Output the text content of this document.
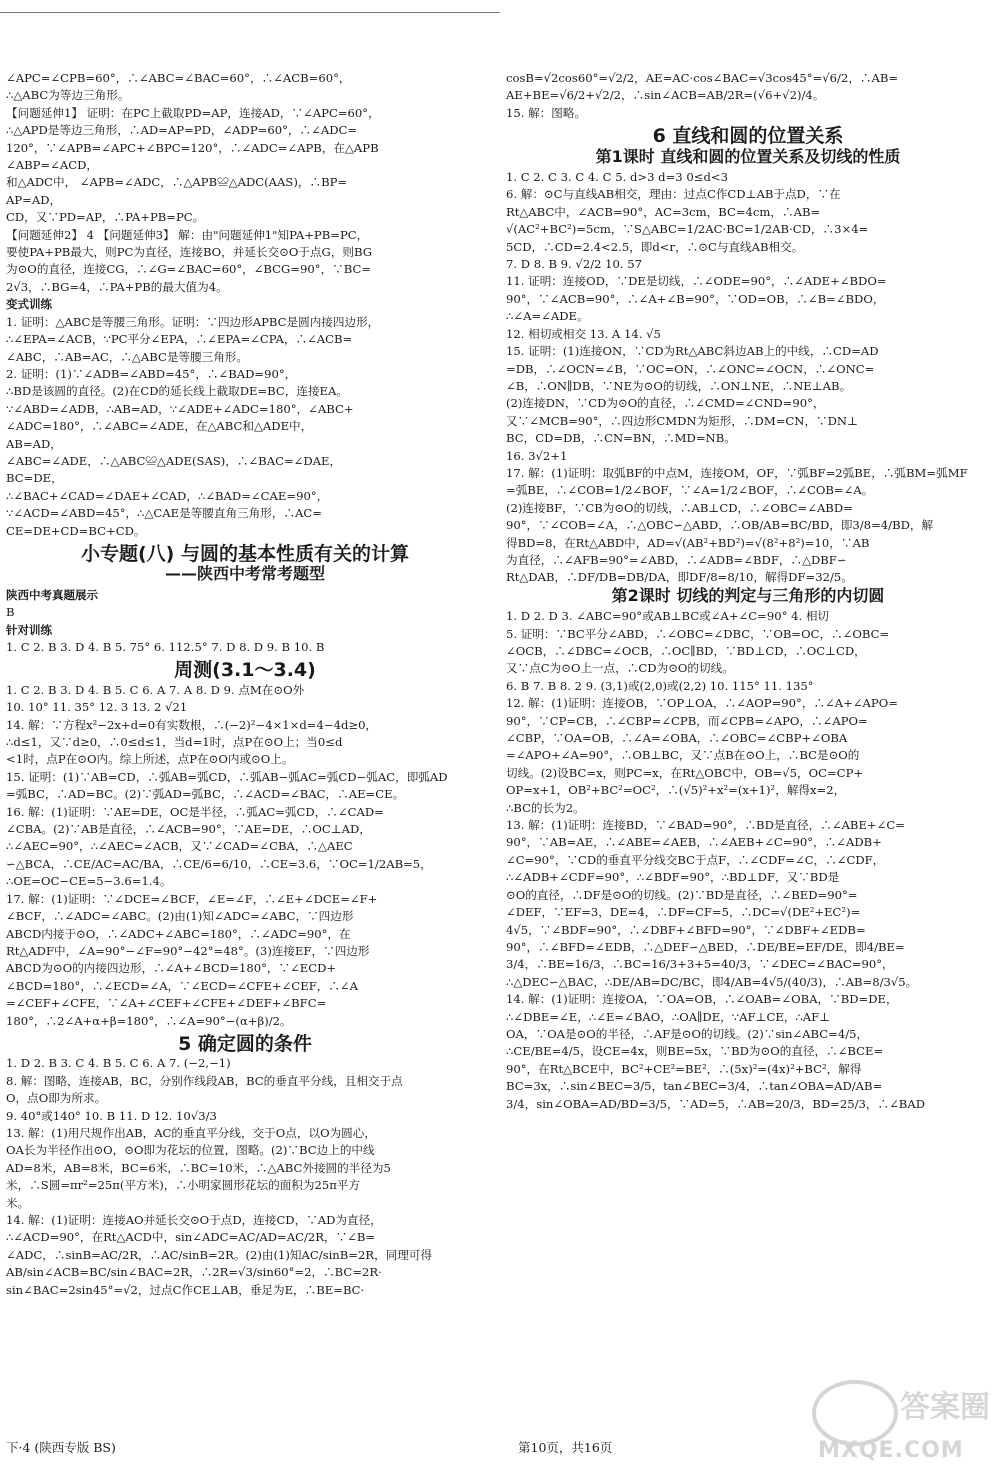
∠APC=∠CPB=60°，∴∠ABC=∠BAC=60°，∴∠ACB=60°，
∴△ABC为等边三角形。
【问题延伸1】 证明：在PC上截取PD=AP，连接AD，∵∠APC=60°，
∴△APD是等边三角形，∴AD=AP=PD，∠ADP=60°，∴∠ADC=
120°，∵∠APB=∠APC+∠BPC=120°，∴∠ADC=∠APB，在△APB
∠ABP=∠ACD，
和△ADC中， ∠APB=∠ADC，∴△APB≌△ADC(AAS)，∴BP=
AP=AD，
CD，又∵PD=AP，∴PA+PB=PC。
【问题延伸2】 4 【问题延伸3】 解：由"问题延伸1"知PA+PB=PC，
要使PA+PB最大，则PC为直径，连接BO，并延长交⊙O于点G，则BG
为⊙O的直径，连接CG，∴∠G=∠BAC=60°，∠BCG=90°，∵BC=
2√3，∴BG=4，∴PA+PB的最大值为4。
变式训练
1. 证明：△ABC是等腰三角形。证明：∵四边形APBC是圆内接四边形，
∴∠EPA=∠ACB，∵PC平分∠EPA，∴∠EPA=∠CPA，∴∠ACB=
∠ABC，∴AB=AC，∴△ABC是等腰三角形。
2. 证明：(1)∵∠ADB=∠ABD=45°，∴∠BAD=90°，
∴BD是该圆的直径。(2)在CD的延长线上截取DE=BC，连接EA。
∵∠ABD=∠ADB，∴AB=AD，∵∠ADE+∠ADC=180°，∠ABC+
∠ADC=180°，∴∠ABC=∠ADE，在△ABC和△ADE中，
AB=AD，
∠ABC=∠ADE，∴△ABC≌△ADE(SAS)，∴∠BAC=∠DAE，
BC=DE，
∴∠BAC+∠CAD=∠DAE+∠CAD，∴∠BAD=∠CAE=90°，
∵∠ACD=∠ABD=45°，∴△CAE是等腰直角三角形，∴AC=
CE=DE+CD=BC+CD。
小专题(八) 与圆的基本性质有关的计算
——陕西中考常考题型
陕西中考真题展示
B
针对训练
1. C 2. B 3. D 4. B 5. 75° 6. 112.5° 7. D 8. D 9. B 10. B
周测(3.1～3.4)
1. C 2. B 3. D 4. B 5. C 6. A 7. A 8. D 9. 点M在⊙O外
10. 10° 11. 35° 12. 3 13. 2 √21
14. 解：∵方程x²−2x+d=0有实数根，∴(−2)²−4×1×d=4−4d≥0，
∴d≤1，又∵d≥0，∴0≤d≤1，当d=1时，点P在⊙O上；当0≤d
<1时，点P在⊙O内。综上所述，点P在⊙O内或⊙O上。
15. 证明：(1)∵AB=CD，∴弧AB=弧CD，∴弧AB−弧AC=弧CD−弧AC，即弧AD
=弧BC，∴AD=BC。(2)∵弧AD=弧BC，∴∠ACD=∠BAC，∴AE=CE。
16. 解：(1)证明：∵AE=DE，OC是半径，∴弧AC=弧CD，∴∠CAD=
∠CBA。(2)∵AB是直径，∴∠ACB=90°，∵AE=DE，∴OC⊥AD，
∴∠AEC=90°，∴∠AEC=∠ACB，又∵∠CAD=∠CBA，∴△AEC
∽△BCA，∴CE/AC=AC/BA，∴CE/6=6/10，∴CE=3.6，∵OC=1/2AB=5，
∴OE=OC−CE=5−3.6=1.4。
17. 解：(1)证明：∵∠DCE=∠BCF，∠E=∠F，∴∠E+∠DCE=∠F+
∠BCF，∴∠ADC=∠ABC。(2)由(1)知∠ADC=∠ABC，∵四边形
ABCD内接于⊙O，∴∠ADC+∠ABC=180°，∴∠ADC=90°，在
Rt△ADF中，∠A=90°−∠F=90°−42°=48°。(3)连接EF，∵四边形
ABCD为⊙O的内接四边形，∴∠A+∠BCD=180°，∵∠ECD+
∠BCD=180°，∴∠ECD=∠A，∵∠ECD=∠CFE+∠CEF，∴∠A
=∠CEF+∠CFE，∵∠A+∠CEF+∠CFE+∠DEF+∠BFC=
180°，∴2∠A+α+β=180°，∴∠A=90°−(α+β)/2。
5 确定圆的条件
1. D 2. B 3. C 4. B 5. C 6. A 7. (−2,−1)
8. 解：图略，连接AB，BC，分别作线段AB，BC的垂直平分线，且相交于点
O，点O即为所求。
9. 40°或140° 10. B 11. D 12. 10√3/3
13. 解：(1)用尺规作出AB，AC的垂直平分线，交于O点，以O为圆心，
OA长为半径作出⊙O，⊙O即为花坛的位置，图略。(2)∵BC边上的中线
AD=8米，AB=8米，BC=6米，∴BC=10米，∴△ABC外接圆的半径为5
米，∴S圆=πr²=25π(平方米)，∴小明家圆形花坛的面积为25π平方
米。
14. 解：(1)证明：连接AO并延长交⊙O于点D，连接CD，∵AD为直径，
∴∠ACD=90°，在Rt△ACD中，sin∠ADC=AC/AD=AC/2R，∵∠B=
∠ADC，∴sinB=AC/2R，∴AC/sinB=2R。(2)由(1)知AC/sinB=2R，同理可得
AB/sin∠ACB=BC/sin∠BAC=2R，∴2R=√3/sin60°=2，∴BC=2R·
sin∠BAC=2sin45°=√2，过点C作CE⊥AB，垂足为E，∴BE=BC·
cosB=√2cos60°=√2/2，AE=AC·cos∠BAC=√3cos45°=√6/2，∴AB=
AE+BE=√6/2+√2/2，∴sin∠ACB=AB/2R=(√6+√2)/4。
15. 解：图略。
6 直线和圆的位置关系
第1课时 直线和圆的位置关系及切线的性质
1. C 2. C 3. C 4. C 5. d>3 d=3 0≤d<3
6. 解：⊙C与直线AB相交，理由：过点C作CD⊥AB于点D，∵在
Rt△ABC中，∠ACB=90°，AC=3cm，BC=4cm，∴AB=
√(AC²+BC²)=5cm，∵S△ABC=1/2AC·BC=1/2AB·CD，∴3×4=
5CD，∴CD=2.4<2.5，即d<r，∴⊙C与直线AB相交。
7. D 8. B 9. √2/2 10. 57
11. 证明：连接OD，∵DE是切线，∴∠ODE=90°，∴∠ADE+∠BDO=
90°，∵∠ACB=90°，∴∠A+∠B=90°，∵OD=OB，∴∠B=∠BDO，
∴∠A=∠ADE。
12. 相切或相交 13. A 14. √5
15. 证明：(1)连接ON，∵CD为Rt△ABC斜边AB上的中线，∴CD=AD
=DB，∴∠OCN=∠B，∵OC=ON，∴∠ONC=∠OCN，∴∠ONC=
∠B，∴ON∥DB，∵NE为⊙O的切线，∴ON⊥NE，∴NE⊥AB。
(2)连接DN，∵CD为⊙O的直径，∴∠CMD=∠CND=90°，
又∵∠MCB=90°，∴四边形CMDN为矩形，∴DM=CN，∵DN⊥
BC，CD=DB，∴CN=BN，∴MD=NB。
16. 3√2+1
17. 解：(1)证明：取弧BF的中点M，连接OM，OF，∵弧BF=2弧BE，∴弧BM=弧MF
=弧BE，∴∠COB=1/2∠BOF，∵∠A=1/2∠BOF，∴∠COB=∠A。
(2)连接BF，∵CB为⊙O的切线，∴AB⊥CD，∴∠OBC=∠ABD=
90°，∵∠COB=∠A，∴△OBC∽△ABD，∴OB/AB=BC/BD，即3/8=4/BD，解
得BD=8，在Rt△ABD中，AD=√(AB²+BD²)=√(8²+8²)=10，∵AB
为直径，∴∠AFB=90°=∠ABD，∴∠ADB=∠BDF，∴△DBF∽
Rt△DAB，∴DF/DB=DB/DA，即DF/8=8/10，解得DF=32/5。
第2课时 切线的判定与三角形的内切圆
1. D 2. D 3. ∠ABC=90°或AB⊥BC或∠A+∠C=90° 4. 相切
5. 证明：∵BC平分∠ABD，∴∠OBC=∠DBC，∵OB=OC，∴∠OBC=
∠OCB，∴∠DBC=∠OCB，∴OC∥BD，∵BD⊥CD，∴OC⊥CD，
又∵点C为⊙O上一点，∴CD为⊙O的切线。
6. B 7. B 8. 2 9. (3,1)或(2,0)或(2,2) 10. 115° 11. 135°
12. 解：(1)证明：连接OB，∵OP⊥OA，∴∠AOP=90°，∴∠A+∠APO=
90°，∵CP=CB，∴∠CBP=∠CPB，而∠CPB=∠APO，∴∠APO=
∠CBP，∵OA=OB，∴∠A=∠OBA，∴∠OBC=∠CBP+∠OBA
=∠APO+∠A=90°，∴OB⊥BC，又∵点B在⊙O上，∴BC是⊙O的
切线。(2)设BC=x，则PC=x，在Rt△OBC中，OB=√5，OC=CP+
OP=x+1，OB²+BC²=OC²，∴(√5)²+x²=(x+1)²，解得x=2，
∴BC的长为2。
13. 解：(1)证明：连接BD，∵∠BAD=90°，∴BD是直径，∴∠ABE+∠C=
90°，∵AB=AE，∴∠ABE=∠AEB，∴∠AEB+∠C=90°，∴∠ADB+
∠C=90°，∵CD的垂直平分线交BC于点F，∴∠CDF=∠C，∴∠CDF，
∴∠ADB+∠CDF=90°，∴∠BDF=90°，∴BD⊥DF，又∵BD是
⊙O的直径，∴DF是⊙O的切线。(2)∵BD是直径，∴∠BED=90°=
∠DEF，∵EF=3，DE=4，∴DF=CF=5，∴DC=√(DE²+EC²)=
4√5，∵∠BDF=90°，∴∠DBF+∠BFD=90°，∵∠DBF+∠EDB=
90°，∴∠BFD=∠EDB，∴△DEF∽△BED，∴DE/BE=EF/DE，即4/BE=
3/4，∴BE=16/3，∴BC=16/3+3+5=40/3，∵∠DEC=∠BAC=90°，
∴△DEC∽△BAC，∴DE/AB=DC/BC，即4/AB=4√5/(40/3)，∴AB=8/3√5。
14. 解：(1)证明：连接OA，∵OA=OB，∴∠OAB=∠OBA，∵BD=DE，
∴∠DBE=∠E，∴∠E=∠BAO，∴OA∥DE，∵AF⊥CE，∴AF⊥
OA，∵OA是⊙O的半径，∴AF是⊙O的切线。(2)∵sin∠ABC=4/5，
∴CE/BE=4/5，设CE=4x，则BE=5x，∵BD为⊙O的直径，∴∠BCE=
90°，在Rt△BCE中，BC²+CE²=BE²，∴(5x)²=(4x)²+BC²，解得
BC=3x，∴sin∠BEC=3/5，tan∠BEC=3/4，∴tan∠OBA=AD/AB=
3/4，sin∠OBA=AD/BD=3/5，∵AD=5，∴AB=20/3，BD=25/3，∴∠BAD
下·4 (陕西专版 BS)	第10页，共16页
答案圈
MXQE.COM
